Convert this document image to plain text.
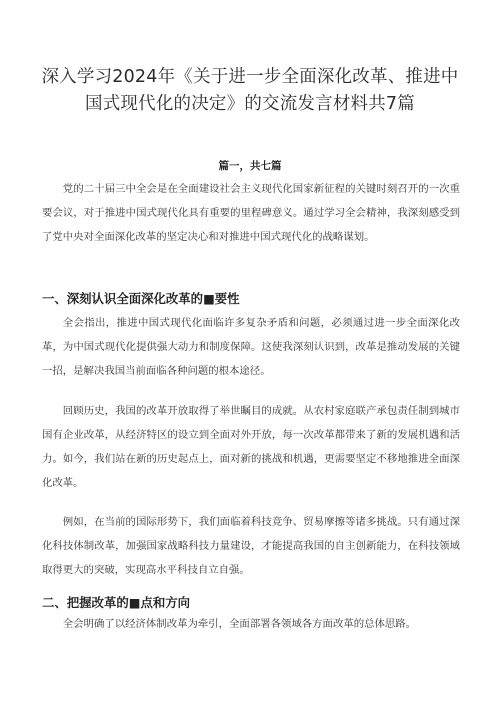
深入学习2024年《关于进一步全面深化改革、推进中
国式现代化的决定》的交流发言材料共7篇
篇一，共七篇

党的二十届三中全会是在全面建设社会主义现代化国家新征程的关键时刻召开的一次重要会议，对于推进中国式现代化具有重要的里程碑意义。通过学习全会精神，我深刻感受到了党中央对全面深化改革的坚定决心和对推进中国式现代化的战略谋划。

一、深刻认识全面深化改革的■要性

全会指出，推进中国式现代化面临许多复杂矛盾和问题，必须通过进一步全面深化改革，为中国式现代化提供强大动力和制度保障。这使我深刻认识到，改革是推动发展的关键一招，是解决我国当前面临各种问题的根本途径。

回顾历史，我国的改革开放取得了举世瞩目的成就。从农村家庭联产承包责任制到城市国有企业改革，从经济特区的设立到全面对外开放，每一次改革都带来了新的发展机遇和活力。如今，我们站在新的历史起点上，面对新的挑战和机遇，更需要坚定不移地推进全面深化改革。

例如，在当前的国际形势下，我们面临着科技竞争、贸易摩擦等诸多挑战。只有通过深化科技体制改革，加强国家战略科技力量建设，才能提高我国的自主创新能力，在科技领域取得更大的突破，实现高水平科技自立自强。

二、把握改革的■点和方向

全会明确了以经济体制改革为牵引，全面部署各领域各方面改革的总体思路。
